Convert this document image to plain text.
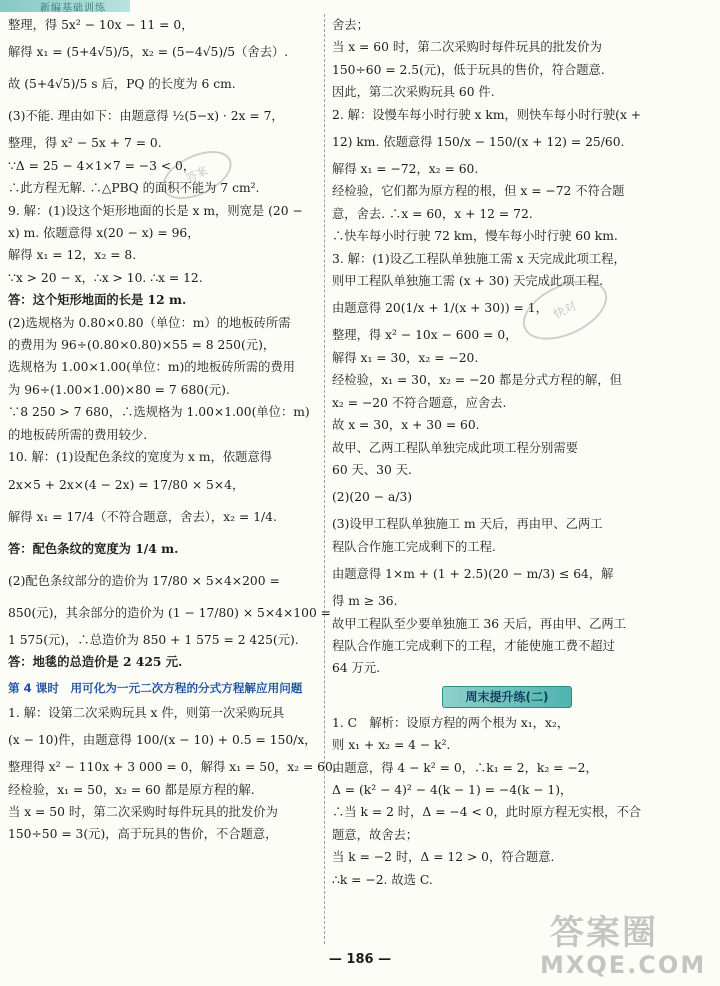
新编基础训练

整理，得 5x² − 10x − 11 = 0，

解得 x₁ = (5+4√5)/5，x₂ = (5−4√5)/5（舍去）.

故 (5+4√5)/5 s 后，PQ 的长度为 6 cm.

(3)不能. 理由如下：由题意得 ½(5−x) · 2x = 7，

整理，得 x² − 5x + 7 = 0.

∵Δ = 25 − 4×1×7 = −3 < 0，

∴此方程无解. ∴△PBQ 的面积不能为 7 cm².

9. 解：(1)设这个矩形地面的长是 x m，则宽是 (20 −

x) m. 依题意得 x(20 − x) = 96，

解得 x₁ = 12，x₂ = 8.

∵x > 20 − x，∴x > 10. ∴x = 12.

答：这个矩形地面的长是 12 m.

(2)选规格为 0.80×0.80（单位：m）的地板砖所需

的费用为 96÷(0.80×0.80)×55 = 8 250(元)，

选规格为 1.00×1.00(单位：m)的地板砖所需的费用

为 96÷(1.00×1.00)×80 = 7 680(元).

∵8 250 > 7 680，∴选规格为 1.00×1.00(单位：m)

的地板砖所需的费用较少.

10. 解：(1)设配色条纹的宽度为 x m，依题意得

2x×5 + 2x×(4 − 2x) = 17/80 × 5×4，

解得 x₁ = 17/4（不符合题意，舍去），x₂ = 1/4.

答：配色条纹的宽度为 1/4 m.

(2)配色条纹部分的造价为 17/80 × 5×4×200 =

850(元)，其余部分的造价为 (1 − 17/80) × 5×4×100 =

1 575(元)，∴总造价为 850 + 1 575 = 2 425(元).

答：地毯的总造价是 2 425 元.

第 4 课时　用可化为一元二次方程的分式方程解应用问题

1. 解：设第二次采购玩具 x 件，则第一次采购玩具

(x − 10)件，由题意得 100/(x − 10) + 0.5 = 150/x，

整理得 x² − 110x + 3 000 = 0，解得 x₁ = 50，x₂ = 60.

经检验，x₁ = 50，x₂ = 60 都是原方程的解.

当 x = 50 时，第二次采购时每件玩具的批发价为

150÷50 = 3(元)，高于玩具的售价，不合题意，

舍去；

当 x = 60 时，第二次采购时每件玩具的批发价为

150÷60 = 2.5(元)，低于玩具的售价，符合题意.

因此，第二次采购玩具 60 件.

2. 解：设慢车每小时行驶 x km，则快车每小时行驶(x +

12) km. 依题意得 150/x − 150/(x + 12) = 25/60.

解得 x₁ = −72，x₂ = 60.

经检验，它们都为原方程的根，但 x = −72 不符合题

意，舍去. ∴x = 60，x + 12 = 72.

∴快车每小时行驶 72 km，慢车每小时行驶 60 km.

3. 解：(1)设乙工程队单独施工需 x 天完成此项工程，

则甲工程队单独施工需 (x + 30) 天完成此项工程.

由题意得 20(1/x + 1/(x + 30)) = 1，

整理，得 x² − 10x − 600 = 0，

解得 x₁ = 30，x₂ = −20.

经检验，x₁ = 30，x₂ = −20 都是分式方程的解，但

x₂ = −20 不符合题意，应舍去.

故 x = 30，x + 30 = 60.

故甲、乙两工程队单独完成此项工程分别需要

60 天、30 天.

(2)(20 − a/3)

(3)设甲工程队单独施工 m 天后，再由甲、乙两工

程队合作施工完成剩下的工程.

由题意得 1×m + (1 + 2.5)(20 − m/3) ≤ 64，解

得 m ≥ 36.

故甲工程队至少要单独施工 36 天后，再由甲、乙两工

程队合作施工完成剩下的工程，才能使施工费不超过

64 万元.

周末提升练(二)

1. C　解析：设原方程的两个根为 x₁，x₂，

则 x₁ + x₂ = 4 − k².

由题意，得 4 − k² = 0，∴k₁ = 2，k₂ = −2，

Δ = (k² − 4)² − 4(k − 1) = −4(k − 1)，

∴当 k = 2 时，Δ = −4 < 0，此时原方程无实根，不合

题意，故舍去；

当 k = −2 时，Δ = 12 > 0，符合题意.

∴k = −2. 故选 C.

答案
快对
— 186 —
答案圈
MXQE.COM
